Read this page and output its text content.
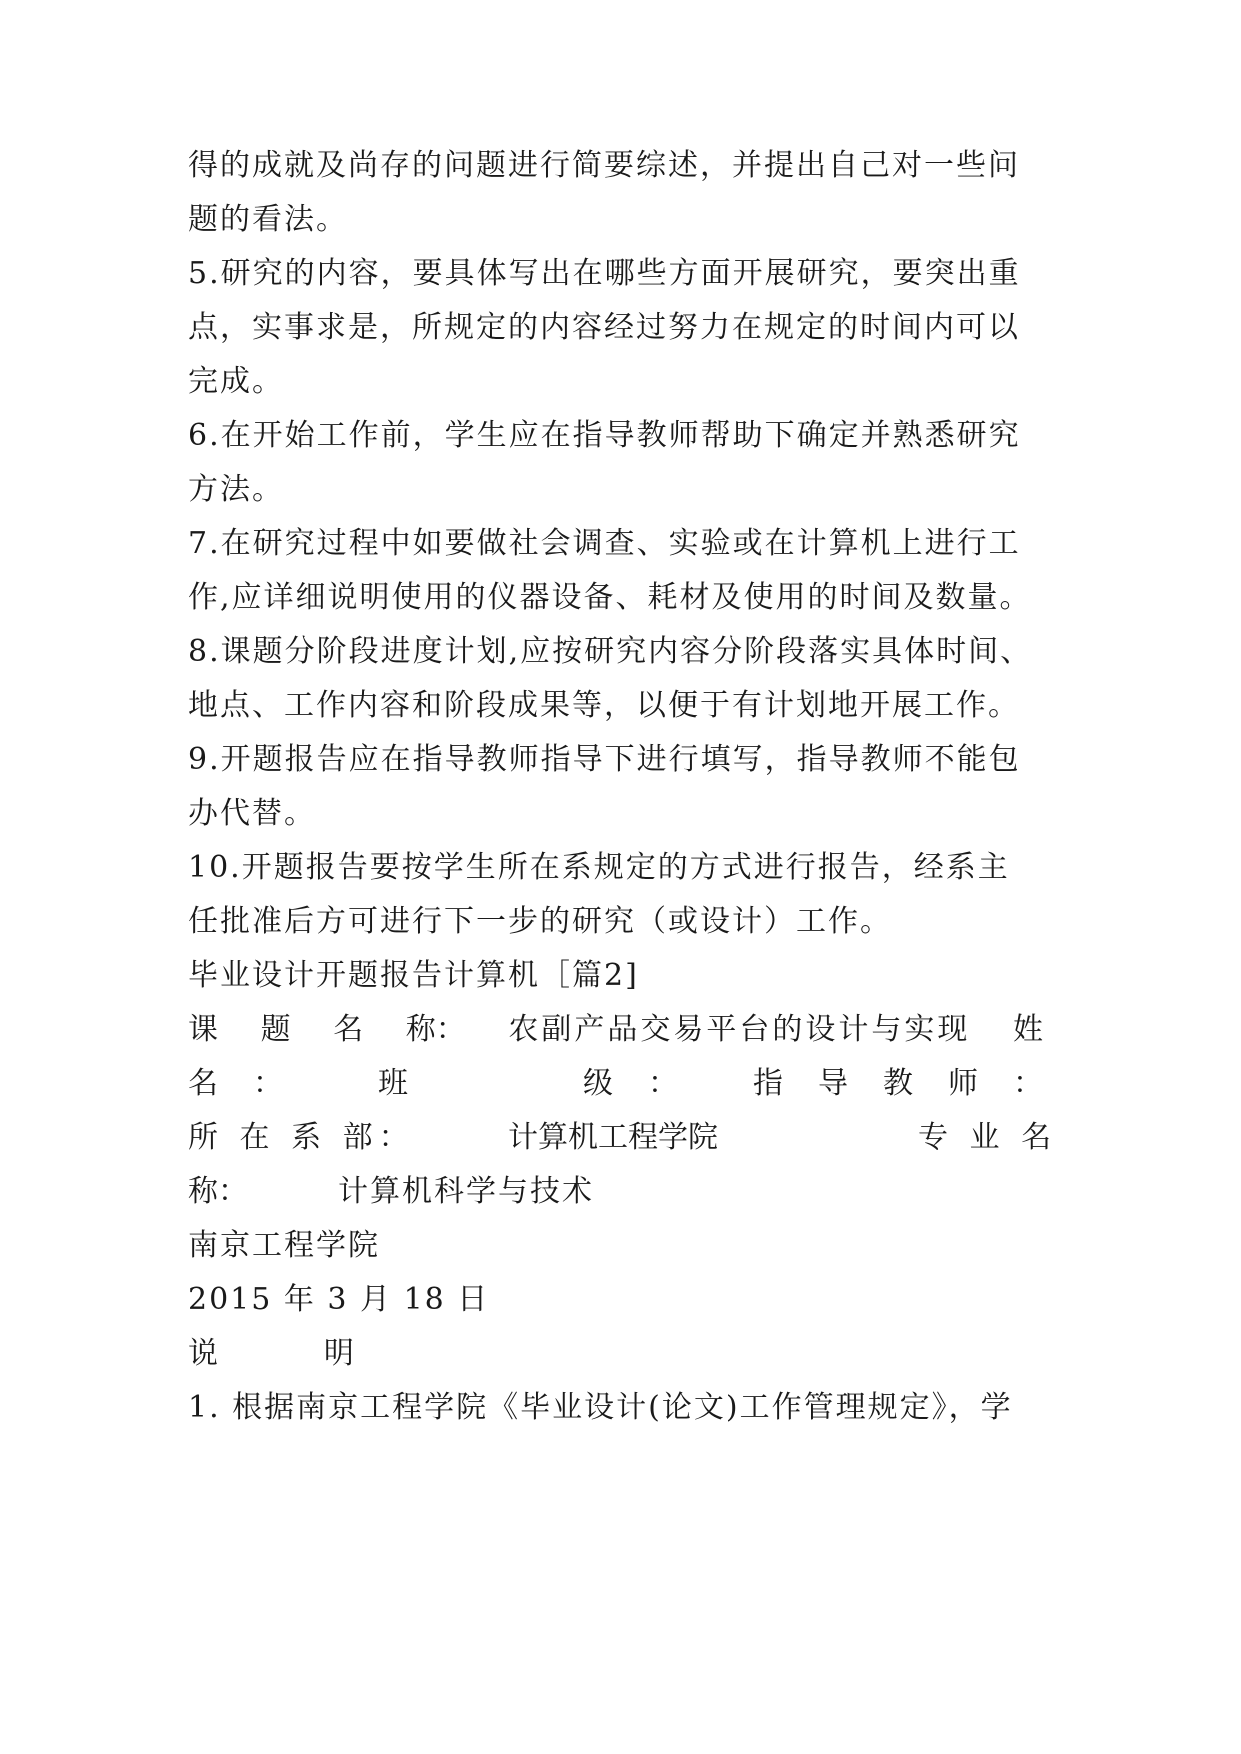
得的成就及尚存的问题进行简要综述，并提出自己对一些问
题的看法。
5.研究的内容，要具体写出在哪些方面开展研究，要突出重
点，实事求是，所规定的内容经过努力在规定的时间内可以
完成。
6.在开始工作前，学生应在指导教师帮助下确定并熟悉研究
方法。
7.在研究过程中如要做社会调查、实验或在计算机上进行工
作,应详细说明使用的仪器设备、耗材及使用的时间及数量。
8.课题分阶段进度计划,应按研究内容分阶段落实具体时间、
地点、工作内容和阶段成果等，以便于有计划地开展工作。
9.开题报告应在指导教师指导下进行填写，指导教师不能包
办代替。
10.开题报告要按学生所在系规定的方式进行报告，经系主
任批准后方可进行下一步的研究（或设计）工作。
毕业设计开题报告计算机［篇2]
课 题 名 称： 农副产品交易平台的设计与实现 姓
名 ：	班	级 ：	指 导 教 师 ：
所 在 系 部：	计算机工程学院	专 业 名
称：	计算机科学与技术
南京工程学院
2015 年 3 月 18 日
说         明
1. 根据南京工程学院《毕业设计(论文)工作管理规定》，学
